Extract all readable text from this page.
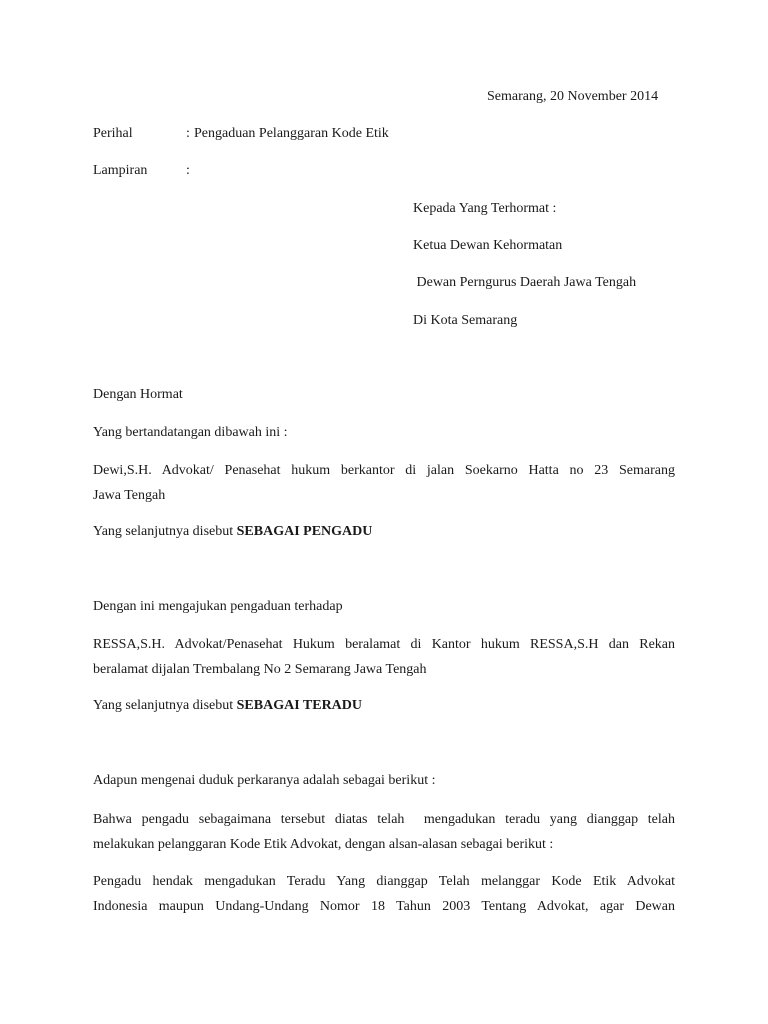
Semarang, 20 November 2014
Perihal	: Pengaduan Pelanggaran Kode Etik
Lampiran	:
Kepada Yang Terhormat :
Ketua Dewan Kehormatan
Dewan Perngurus Daerah Jawa Tengah
Di Kota Semarang
Dengan Hormat
Yang bertandatangan dibawah ini :
Dewi,S.H. Advokat/ Penasehat hukum berkantor di jalan Soekarno Hatta no 23 Semarang
Jawa Tengah
Yang selanjutnya disebut SEBAGAI PENGADU
Dengan ini mengajukan pengaduan terhadap
RESSA,S.H. Advokat/Penasehat Hukum beralamat di Kantor hukum RESSA,S.H dan Rekan
beralamat dijalan Trembalang No 2 Semarang Jawa Tengah
Yang selanjutnya disebut SEBAGAI TERADU
Adapun mengenai duduk perkaranya adalah sebagai berikut :
Bahwa pengadu sebagaimana tersebut diatas telah  mengadukan teradu yang dianggap telah
melakukan pelanggaran Kode Etik Advokat, dengan alsan-alasan sebagai berikut :
Pengadu hendak mengadukan Teradu Yang dianggap Telah melanggar Kode Etik Advokat
Indonesia maupun Undang-Undang Nomor 18 Tahun 2003 Tentang Advokat, agar Dewan
